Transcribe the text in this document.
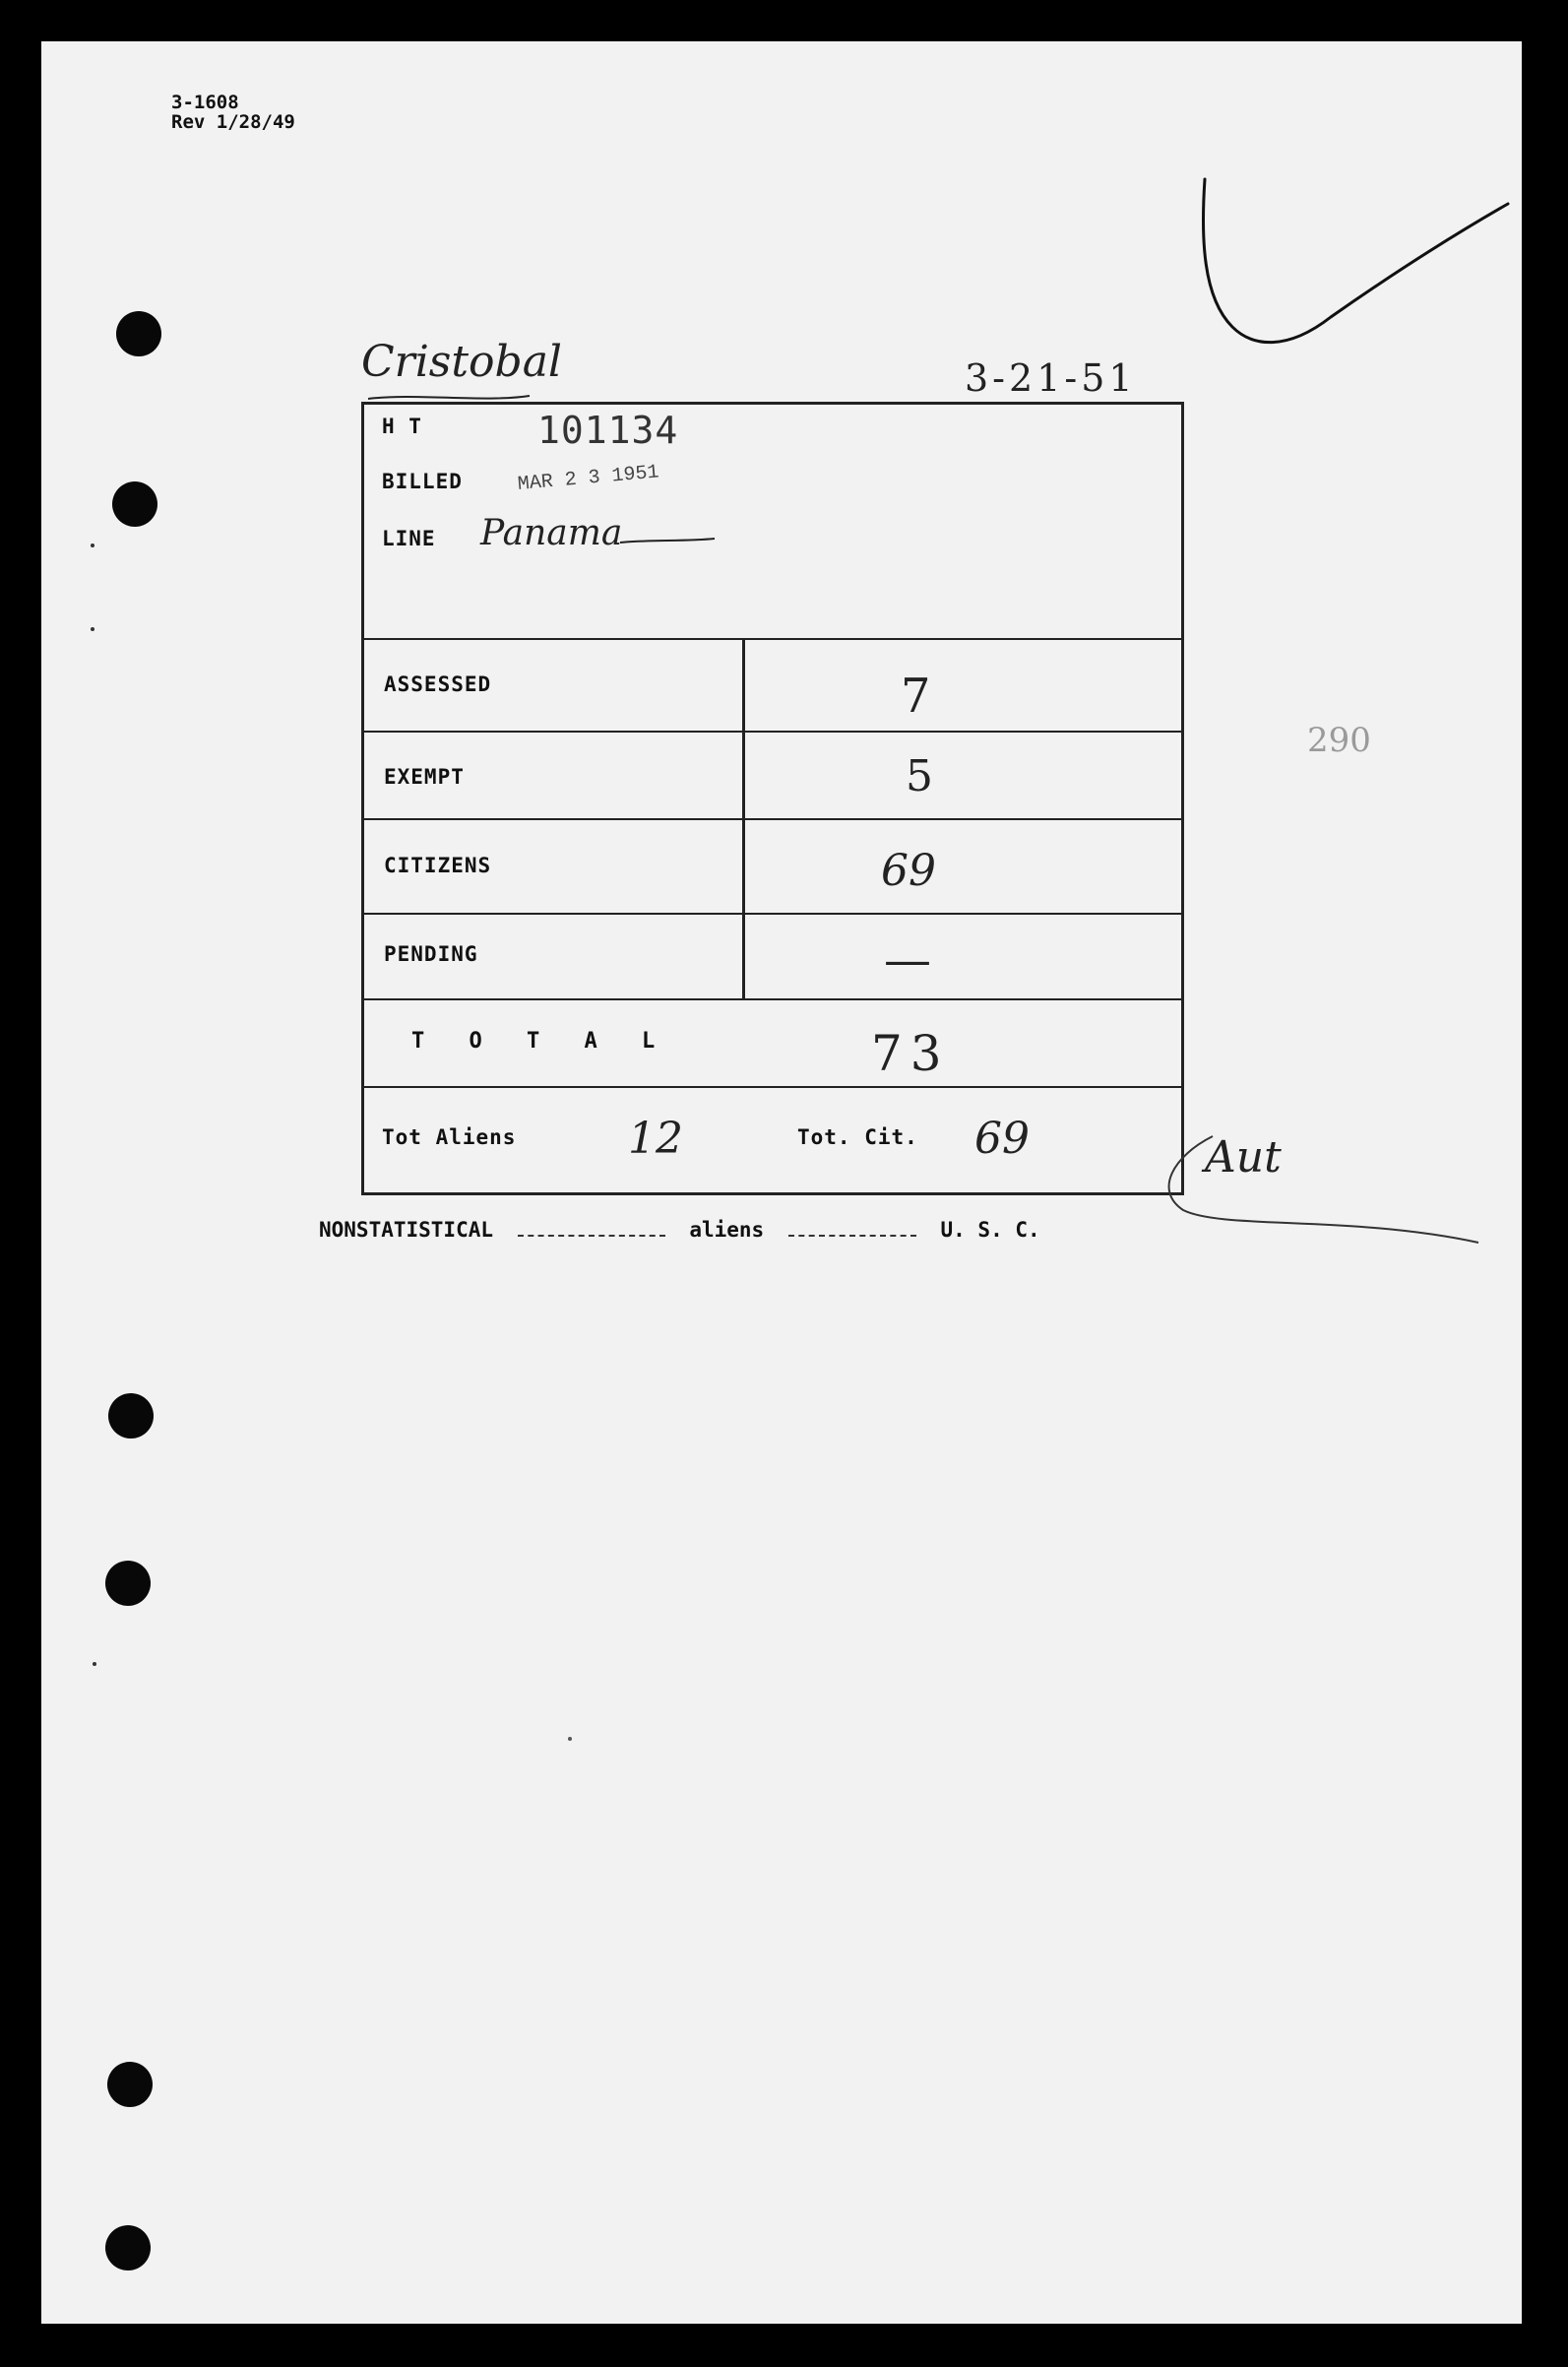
3-1608
Rev 1/28/49
Cristobal	3-21-51
290
H T	101134
BILLED	MAR 2 3 1951
LINE Panama
ASSESSED	7
EXEMPT	5
CITIZENS	69
PENDING	—
T O T A L	73
Tot Aliens	12	Tot. Cit. 69	Aut
NONSTATISTICAL	aliens	U. S. C.
